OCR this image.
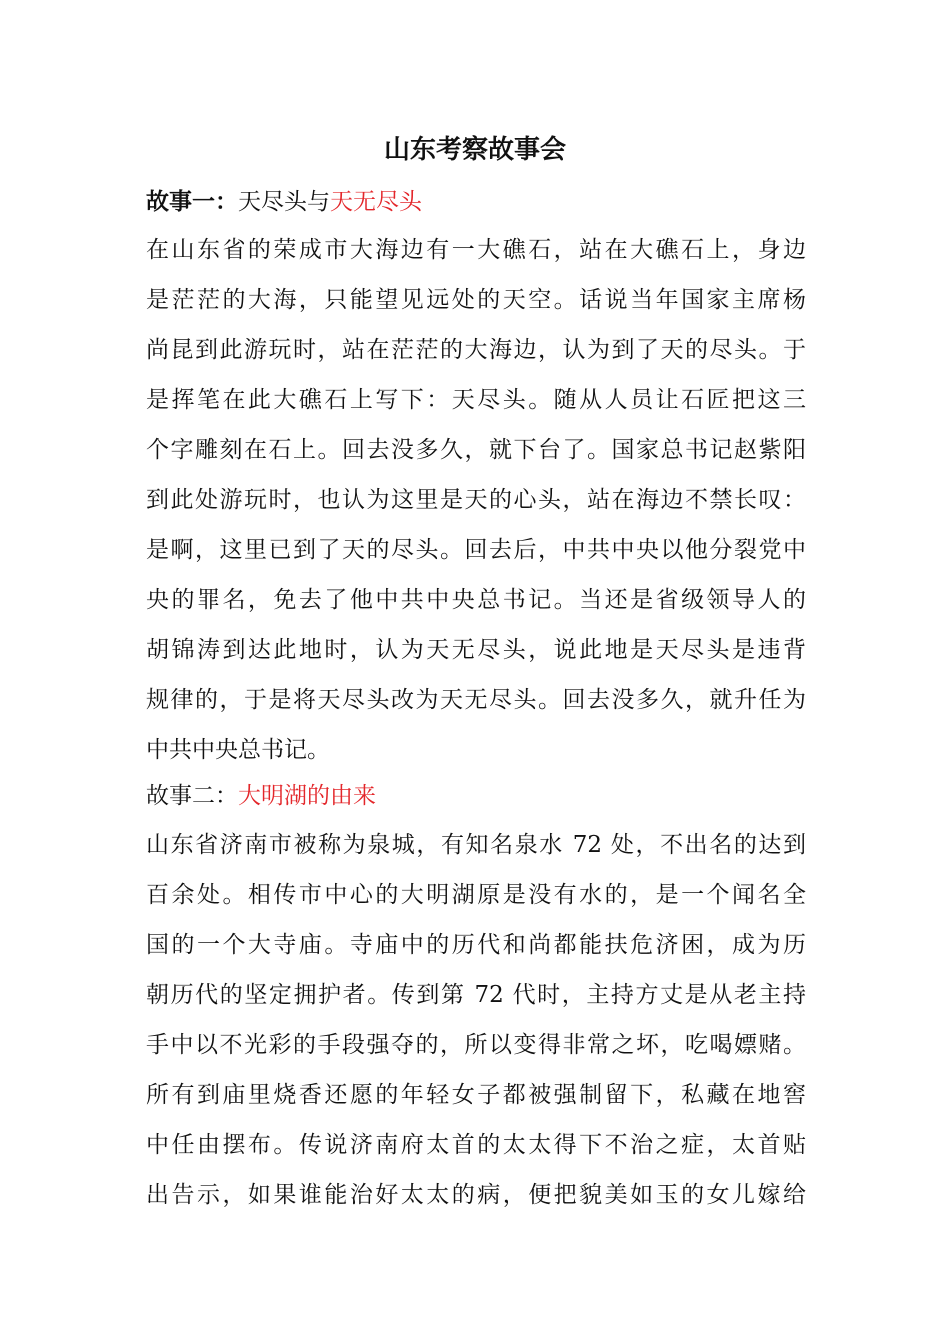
山东考察故事会
故事一：天尽头与天无尽头
在山东省的荣成市大海边有一大礁石，站在大礁石上，身边
是茫茫的大海，只能望见远处的天空。话说当年国家主席杨
尚昆到此游玩时，站在茫茫的大海边，认为到了天的尽头。于
是挥笔在此大礁石上写下：天尽头。随从人员让石匠把这三
个字雕刻在石上。回去没多久，就下台了。国家总书记赵紫阳
到此处游玩时，也认为这里是天的心头，站在海边不禁长叹：
是啊，这里已到了天的尽头。回去后，中共中央以他分裂党中
央的罪名，免去了他中共中央总书记。当还是省级领导人的
胡锦涛到达此地时，认为天无尽头，说此地是天尽头是违背
规律的，于是将天尽头改为天无尽头。回去没多久，就升任为
中共中央总书记。
故事二：大明湖的由来
山东省济南市被称为泉城，有知名泉水 72 处，不出名的达到
百余处。相传市中心的大明湖原是没有水的，是一个闻名全
国的一个大寺庙。寺庙中的历代和尚都能扶危济困，成为历
朝历代的坚定拥护者。传到第 72 代时，主持方丈是从老主持
手中以不光彩的手段强夺的，所以变得非常之坏，吃喝嫖赌。
所有到庙里烧香还愿的年轻女子都被强制留下，私藏在地窖
中任由摆布。传说济南府太首的太太得下不治之症，太首贴
出告示，如果谁能治好太太的病，便把貌美如玉的女儿嫁给
